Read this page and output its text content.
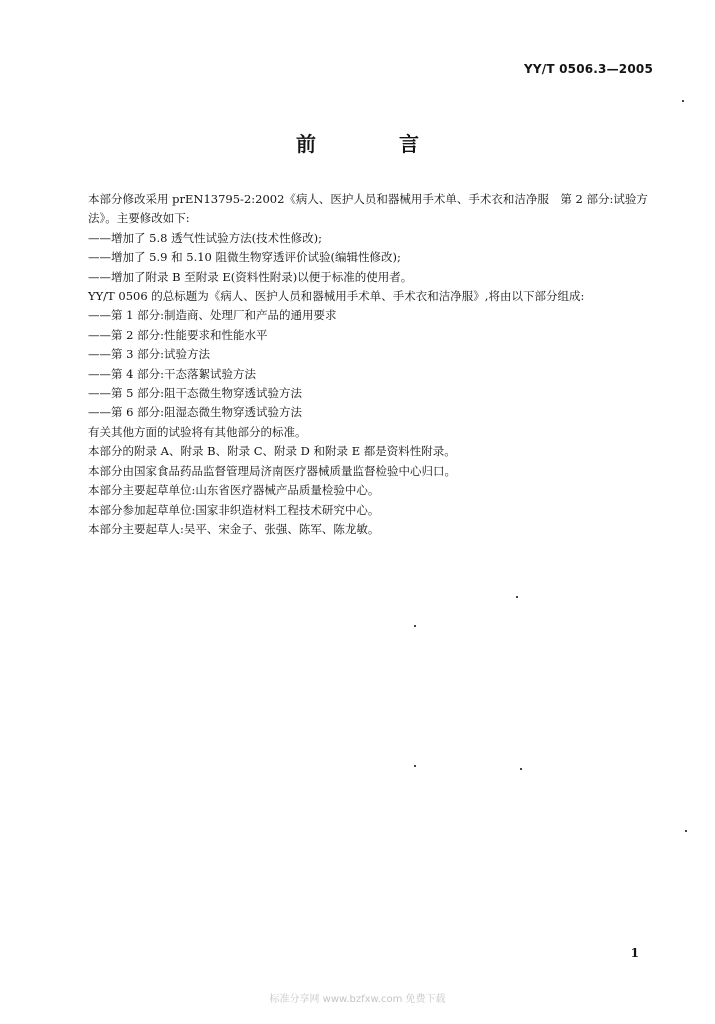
YY/T 0506.3—2005
前 言

本部分修改采用 prEN13795-2:2002《病人、医护人员和器械用手术单、手术衣和洁净服　第 2 部分:试验方法》。主要修改如下:

——增加了 5.8 透气性试验方法(技术性修改);

——增加了 5.9 和 5.10 阻微生物穿透评价试验(编辑性修改);

——增加了附录 B 至附录 E(资料性附录)以便于标准的使用者。

YY/T 0506 的总标题为《病人、医护人员和器械用手术单、手术衣和洁净服》,将由以下部分组成:

——第 1 部分:制造商、处理厂和产品的通用要求

——第 2 部分:性能要求和性能水平

——第 3 部分:试验方法

——第 4 部分:干态落絮试验方法

——第 5 部分:阻干态微生物穿透试验方法

——第 6 部分:阻湿态微生物穿透试验方法

有关其他方面的试验将有其他部分的标准。

本部分的附录 A、附录 B、附录 C、附录 D 和附录 E 都是资料性附录。

本部分由国家食品药品监督管理局济南医疗器械质量监督检验中心归口。

本部分主要起草单位:山东省医疗器械产品质量检验中心。

本部分参加起草单位:国家非织造材料工程技术研究中心。

本部分主要起草人:吴平、宋金子、张强、陈军、陈龙敏。

1
标准分享网 www.bzfxw.com 免费下载
